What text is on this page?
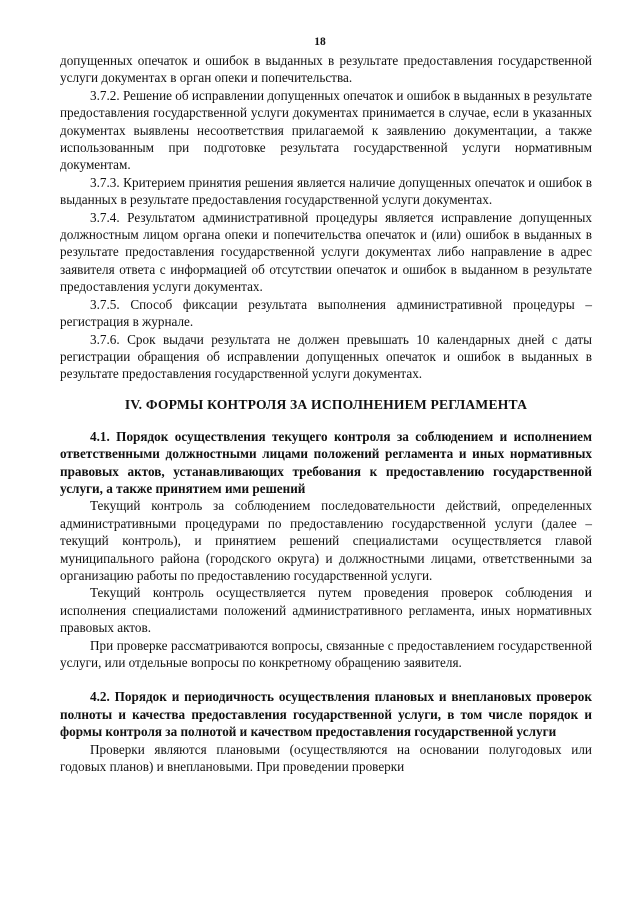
18

допущенных опечаток и ошибок в выданных в результате предоставления государственной услуги документах в орган опеки и попечительства.

3.7.2. Решение об исправлении допущенных опечаток и ошибок в выданных в результате предоставления государственной услуги документах принимается в случае, если в указанных документах выявлены несоответствия прилагаемой к заявлению документации, а также использованным при подготовке результата государственной услуги нормативным документам.

3.7.3. Критерием принятия решения является наличие допущенных опечаток и ошибок в выданных в результате предоставления государственной услуги документах.

3.7.4. Результатом административной процедуры является исправление допущенных должностным лицом органа опеки и попечительства опечаток и (или) ошибок в выданных в результате предоставления государственной услуги документах либо направление в адрес заявителя ответа с информацией об отсутствии опечаток и ошибок в выданном в результате предоставления услуги документах.

3.7.5. Способ фиксации результата выполнения административной процедуры – регистрация в журнале.

3.7.6. Срок выдачи результата не должен превышать 10 календарных дней с даты регистрации обращения об исправлении допущенных опечаток и ошибок в выданных в результате предоставления государственной услуги документах.

IV. ФОРМЫ КОНТРОЛЯ ЗА ИСПОЛНЕНИЕМ РЕГЛАМЕНТА

4.1. Порядок осуществления текущего контроля за соблюдением и исполнением ответственными должностными лицами положений регламента и иных нормативных правовых актов, устанавливающих требования к предоставлению государственной услуги, а также принятием ими решений

Текущий контроль за соблюдением последовательности действий, определенных административными процедурами по предоставлению государственной услуги (далее – текущий контроль), и принятием решений специалистами осуществляется главой муниципального района (городского округа) и должностными лицами, ответственными за организацию работы по предоставлению государственной услуги.

Текущий контроль осуществляется путем проведения проверок соблюдения и исполнения специалистами положений административного регламента, иных нормативных правовых актов.

При проверке рассматриваются вопросы, связанные с предоставлением государственной услуги, или отдельные вопросы по конкретному обращению заявителя.

4.2. Порядок и периодичность осуществления плановых и внеплановых проверок полноты и качества предоставления государственной услуги, в том числе порядок и формы контроля за полнотой и качеством предоставления государственной услуги

Проверки являются плановыми (осуществляются на основании полугодовых или годовых планов) и внеплановыми. При проведении проверки
